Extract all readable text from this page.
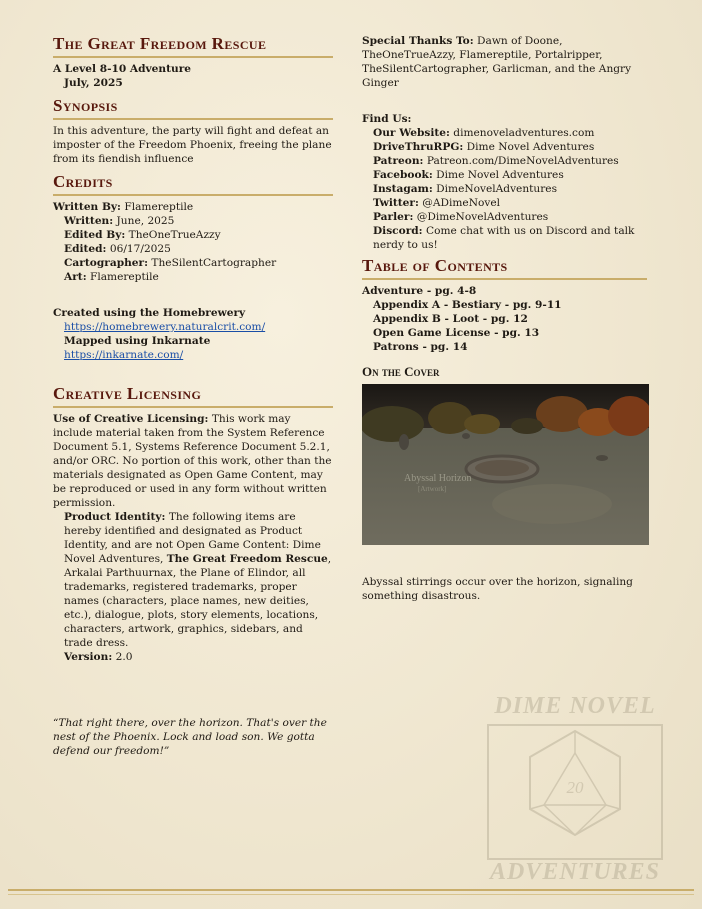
The Great Freedom Rescue

A Level 8-10 Adventure

July, 2025

Synopsis

In this adventure, the party will fight and defeat an imposter of the Freedom Phoenix, freeing the plane from its fiendish influence

Credits

Written By: Flamereptile

Written: June, 2025

Edited By: TheOneTrueAzzy

Edited: 06/17/2025

Cartographer: TheSilentCartographer

Art: Flamereptile

Created using the Homebrewery

https://homebrewery.naturalcrit.com/

Mapped using Inkarnate

https://inkarnate.com/

Creative Licensing

Use of Creative Licensing: This work may include material taken from the System Reference Document 5.1, Systems Reference Document 5.2.1, and/or ORC. No portion of this work, other than the materials designated as Open Game Content, may be reproduced or used in any form without written permission.

Product Identity: The following items are hereby identified and designated as Product Identity, and are not Open Game Content: Dime Novel Adventures, The Great Freedom Rescue, Arkalai Parthuurnax, the Plane of Elindor, all trademarks, registered trademarks, proper names (characters, place names, new deities, etc.), dialogue, plots, story elements, locations, characters, artwork, graphics, sidebars, and trade dress.

Version: 2.0

“That right there, over the horizon. That's over the nest of the Phoenix. Lock and load son. We gotta defend our freedom!”

Special Thanks To: Dawn of Doone, TheOneTrueAzzy, Flamereptile, Portalripper, TheSilentCartographer, Garlicman, and the Angry Ginger

Find Us:

Our Website: dimenoveladventures.com

DriveThruRPG: Dime Novel Adventures

Patreon: Patreon.com/DimeNovelAdventures

Facebook: Dime Novel Adventures

Instagam: DimeNovelAdventures

Twitter: @ADimeNovel

Parler: @DimeNovelAdventures

Discord: Come chat with us on Discord and talk nerdy to us!

Table of Contents

Adventure - pg. 4-8

Appendix A - Bestiary - pg. 9-11

Appendix B - Loot - pg. 12

Open Game License - pg. 13

Patrons - pg. 14

On the Cover
Abyssal Horizon
[Artwork]

Abyssal stirrings occur over the horizon, signaling something disastrous.

DIME NOVEL
20
ADVENTURES
